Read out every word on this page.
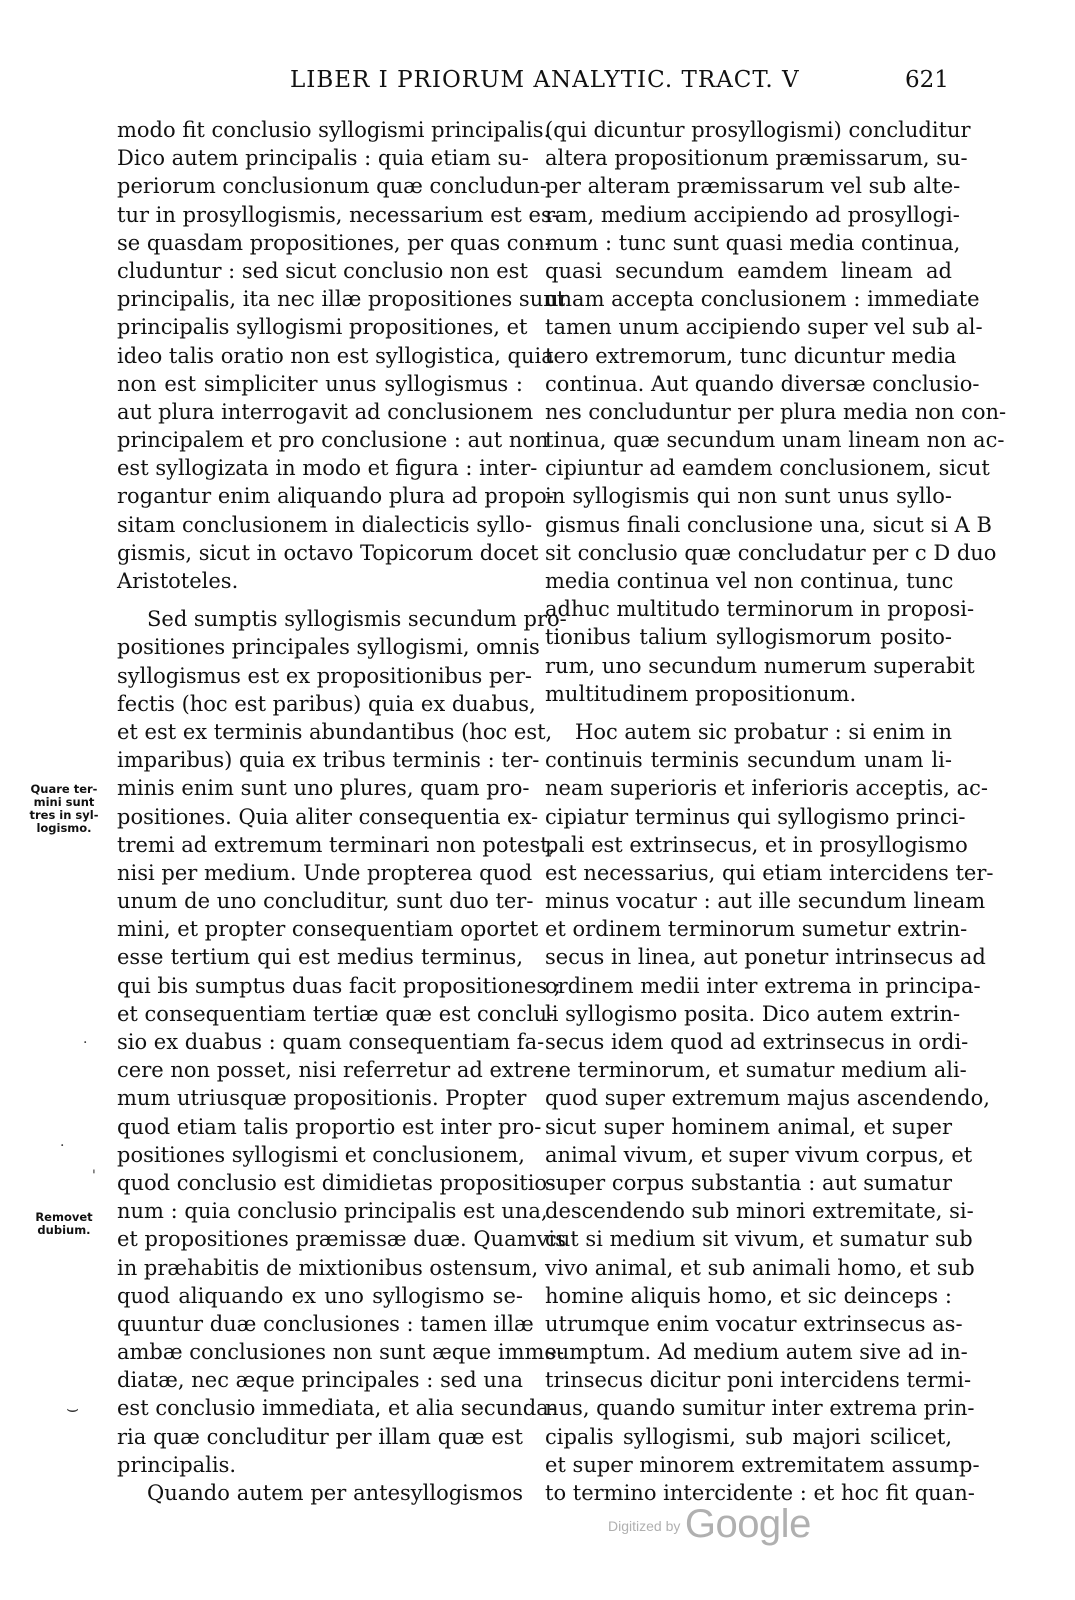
LIBER I PRIORUM ANALYTIC. TRACT. V	621
modo fit conclusio syllogismi principalis.
Dico autem principalis : quia etiam su-
periorum conclusionum quæ concludun-
tur in prosyllogismis, necessarium est es-
se quasdam propositiones, per quas con-
cluduntur : sed sicut conclusio non est
principalis, ita nec illæ propositiones sunt
principalis syllogismi propositiones, et
ideo talis oratio non est syllogistica, quia
non est simpliciter unus syllogismus :
aut plura interrogavit ad conclusionem
principalem et pro conclusione : aut non
est syllogizata in modo et figura : inter-
rogantur enim aliquando plura ad propo-
sitam conclusionem in dialecticis syllo-
gismis, sicut in octavo Topicorum docet
Aristoteles.
Sed sumptis syllogismis secundum pro-
positiones principales syllogismi, omnis
syllogismus est ex propositionibus per-
fectis (hoc est paribus) quia ex duabus,
et est ex terminis abundantibus (hoc est,
imparibus) quia ex tribus terminis : ter-
minis enim sunt uno plures, quam pro-
positiones. Quia aliter consequentia ex-
tremi ad extremum terminari non potest,
nisi per medium. Unde propterea quod
unum de uno concluditur, sunt duo ter-
mini, et propter consequentiam oportet
esse tertium qui est medius terminus,
qui bis sumptus duas facit propositiones ;
et consequentiam tertiæ quæ est conclu-
sio ex duabus : quam consequentiam fa-
cere non posset, nisi referretur ad extre-
mum utriusquæ propositionis. Propter
quod etiam talis proportio est inter pro-
positiones syllogismi et conclusionem,
quod conclusio est dimidietas propositio-
num : quia conclusio principalis est una,
et propositiones præmissæ duæ. Quamvis
in præhabitis de mixtionibus ostensum,
quod aliquando ex uno syllogismo se-
quuntur duæ conclusiones : tamen illæ
ambæ conclusiones non sunt æque imme-
diatæ, nec æque principales : sed una
est conclusio immediata, et alia secunda-
ria quæ concluditur per illam quæ est
principalis.
Quando autem per antesyllogismos
(qui dicuntur prosyllogismi) concluditur
altera propositionum præmissarum, su-
per alteram præmissarum vel sub alte-
ram, medium accipiendo ad prosyllogi-
mum : tunc sunt quasi media continua,
quasi secundum eamdem lineam ad
unam accepta conclusionem : immediate
tamen unum accipiendo super vel sub al-
tero extremorum, tunc dicuntur media
continua. Aut quando diversæ conclusio-
nes concluduntur per plura media non con-
tinua, quæ secundum unam lineam non ac-
cipiuntur ad eamdem conclusionem, sicut
in syllogismis qui non sunt unus syllo-
gismus finali conclusione una, sicut si A B
sit conclusio quæ concludatur per c D duo
media continua vel non continua, tunc
adhuc multitudo terminorum in proposi-
tionibus talium syllogismorum posito-
rum, uno secundum numerum superabit
multitudinem propositionum.
Hoc autem sic probatur : si enim in
continuis terminis secundum unam li-
neam superioris et inferioris acceptis, ac-
cipiatur terminus qui syllogismo princi-
pali est extrinsecus, et in prosyllogismo
est necessarius, qui etiam intercidens ter-
minus vocatur : aut ille secundum lineam
et ordinem terminorum sumetur extrin-
secus in linea, aut ponetur intrinsecus ad
ordinem medii inter extrema in principa-
li syllogismo posita. Dico autem extrin-
secus idem quod ad extrinsecus in ordi-
ne terminorum, et sumatur medium ali-
quod super extremum majus ascendendo,
sicut super hominem animal, et super
animal vivum, et super vivum corpus, et
super corpus substantia : aut sumatur
descendendo sub minori extremitate, si-
cut si medium sit vivum, et sumatur sub
vivo animal, et sub animali homo, et sub
homine aliquis homo, et sic deinceps :
utrumque enim vocatur extrinsecus as-
sumptum. Ad medium autem sive ad in-
trinsecus dicitur poni intercidens termi-
nus, quando sumitur inter extrema prin-
cipalis syllogismi, sub majori scilicet,
et super minorem extremitatem assump-
to termino intercidente : et hoc fit quan-
Quare ter-
mini sunt
tres in syl-
logismo.
Removet
dubium.
·
·
'
⌣
Digitized by Google
